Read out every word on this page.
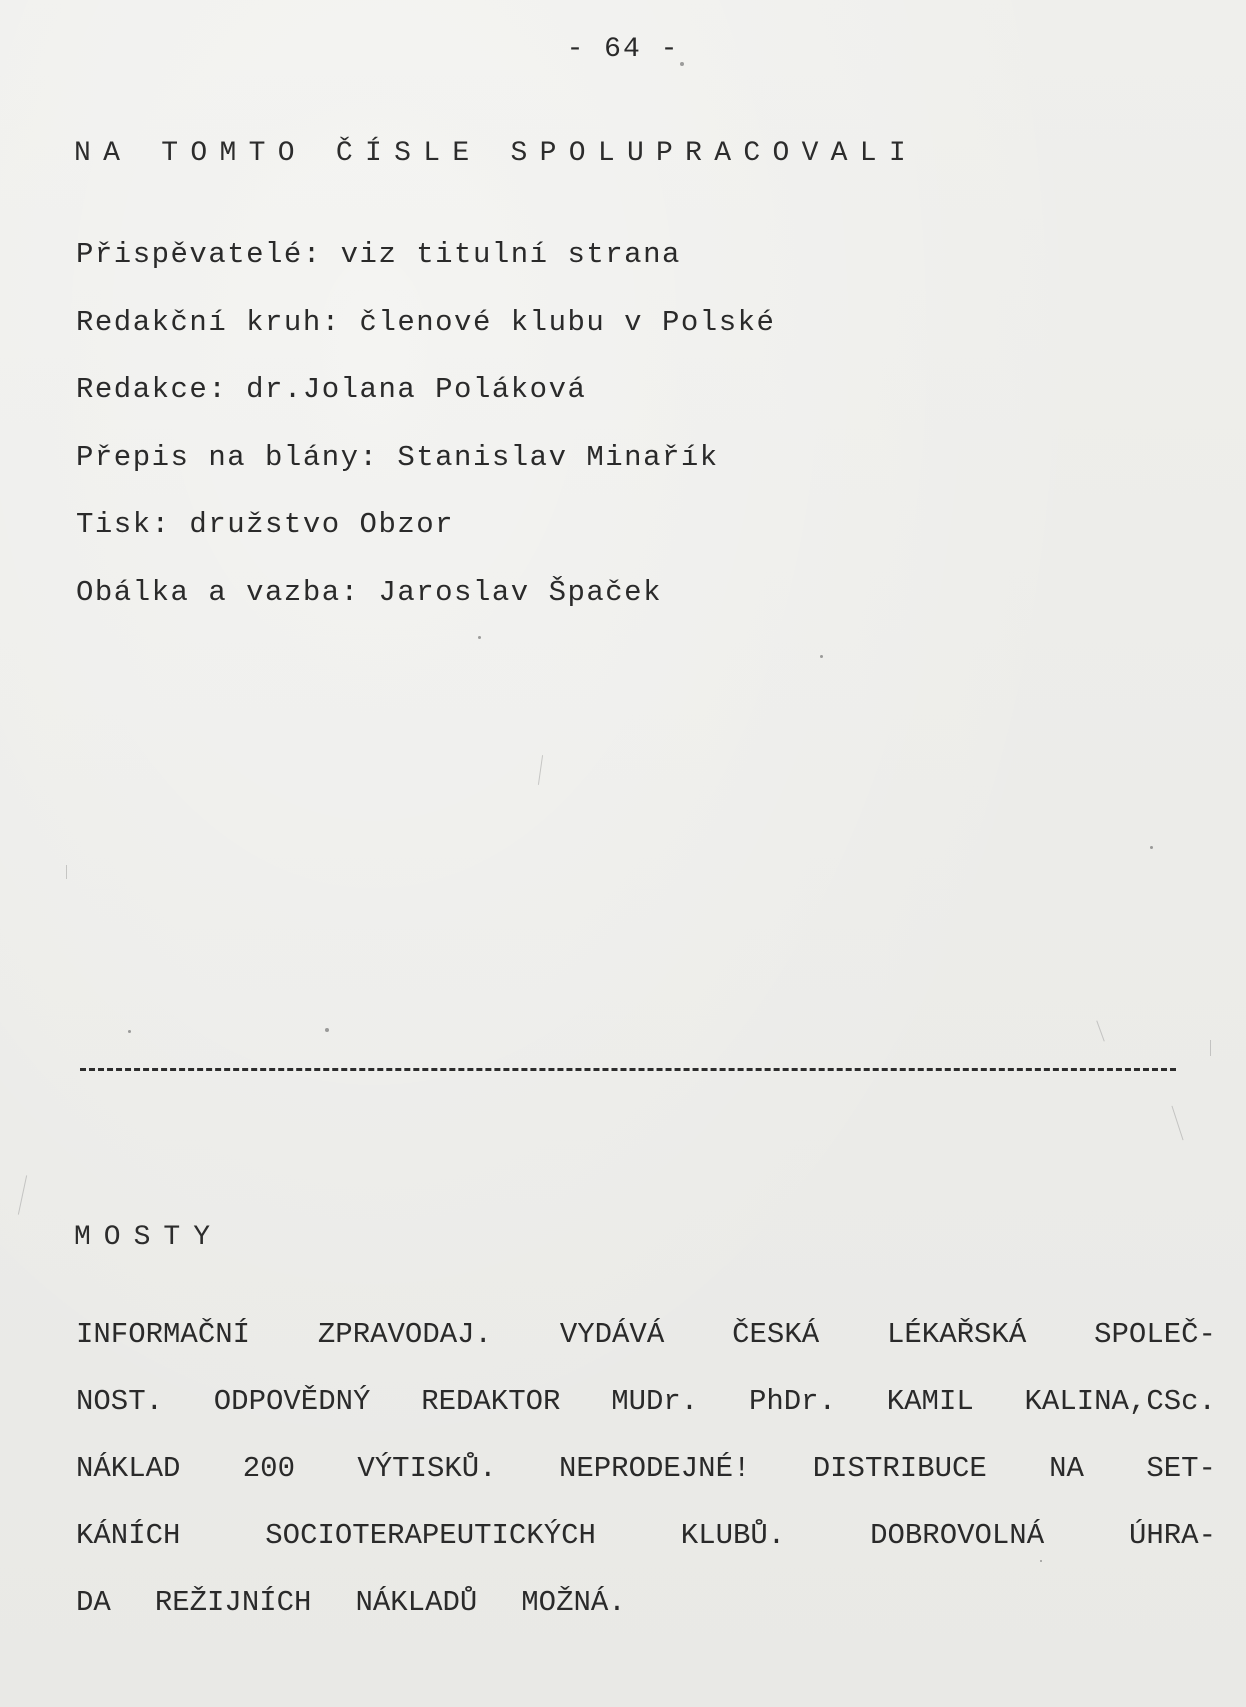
- 64 -
NA TOMTO ČÍSLE SPOLUPRACOVALI
Přispěvatelé: viz titulní strana
Redakční kruh: členové klubu v Polské
Redakce: dr.Jolana Poláková
Přepis na blány: Stanislav Minařík
Tisk: družstvo Obzor
Obálka a vazba: Jaroslav Špaček
MOSTY
INFORMAČNÍ ZPRAVODAJ. VYDÁVÁ ČESKÁ LÉKAŘSKÁ SPOLEČ-
NOST. ODPOVĚDNÝ REDAKTOR MUDr. PhDr. KAMIL KALINA,CSc.
NÁKLAD 200 VÝTISKŮ. NEPRODEJNÉ! DISTRIBUCE NA SET-
KÁNÍCH	SOCIOTERAPEUTICKÝCH	KLUBŮ.	DOBROVOLNÁ	ÚHRA-
DA REŽIJNÍCH NÁKLADŮ MOŽNÁ.
